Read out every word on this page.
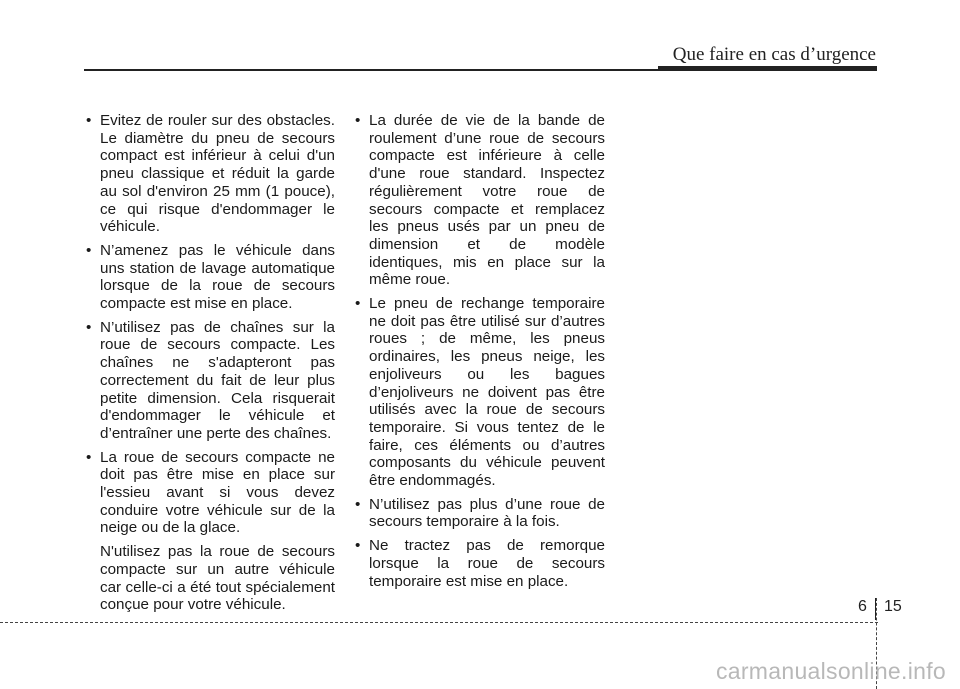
Que faire en cas d’urgence
• Evitez de rouler sur des obstacles. Le diamètre du pneu de secours compact est inférieur à celui d'un pneu classique et réduit la garde au sol d'environ 25 mm (1 pouce), ce qui risque d'endommager le véhicule.
• N’amenez pas le véhicule dans uns station de lavage automatique lorsque de la roue de secours compacte est mise en place.
• N’utilisez pas de chaînes sur la roue de secours compacte. Les chaînes ne s'adapteront pas correctement du fait de leur plus petite dimension. Cela risquerait d'endommager le véhicule et d’entraîner une perte des chaînes.
• La roue de secours compacte ne doit pas être mise en place sur l'essieu avant si vous devez conduire votre véhicule sur de la neige ou de la glace.
N'utilisez pas la roue de secours compacte sur un autre véhicule car celle-ci a été tout spécialement conçue pour votre véhicule.
• La durée de vie de la bande de roulement d’une roue de secours compacte est inférieure à celle d'une roue standard. Inspectez régulièrement votre roue de secours compacte et remplacez les pneus usés par un pneu de dimension et de modèle identiques, mis en place sur la même roue.
• Le pneu de rechange temporaire ne doit pas être utilisé sur d’autres roues ; de même, les pneus ordinaires, les pneus neige, les enjoliveurs ou les bagues d’enjoliveurs ne doivent pas être utilisés avec la roue de secours temporaire. Si vous tentez de le faire, ces éléments ou d’autres composants du véhicule peuvent être endommagés.
• N’utilisez pas plus d’une roue de secours temporaire à la fois.
• Ne tractez pas de remorque lorsque la roue de secours temporaire est mise en place.
6 15
carmanualsonline.info
